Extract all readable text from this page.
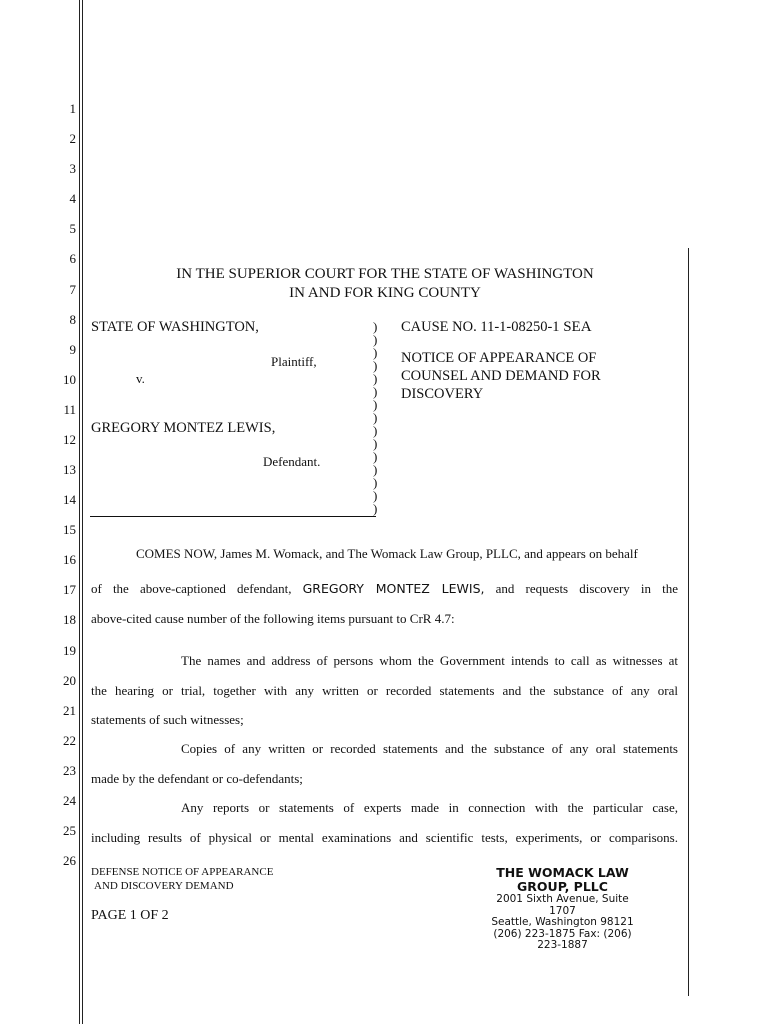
1
2
3
4
5
6
7
8
9
10
11
12
13
14
15
16
17
18
19
20
21
22
23
24
25
26
IN THE SUPERIOR COURT FOR THE STATE OF WASHINGTON
IN AND FOR KING COUNTY
STATE OF WASHINGTON,
Plaintiff,
v.
GREGORY MONTEZ LEWIS,
Defendant.
)
)
)
)
)
)
)
)
)
)
)
)
)
)
)
CAUSE NO. 11-1-08250-1 SEA
NOTICE OF APPEARANCE OF
COUNSEL AND DEMAND FOR
DISCOVERY
COMES NOW, James M. Womack, and The Womack Law Group, PLLC, and appears on behalf
of the above-captioned defendant, GREGORY MONTEZ LEWIS, and requests discovery in the
above-cited cause number of the following items pursuant to CrR 4.7:
The names and address of persons whom the Government intends to call as witnesses at
the hearing or trial, together with any written or recorded statements and the substance of any oral
statements of such witnesses;
Copies of any written or recorded statements and the substance of any oral statements
made by the defendant or co-defendants;
Any reports or statements of experts made in connection with the particular case,
including results of physical or mental examinations and scientific tests, experiments, or comparisons.
DEFENSE NOTICE OF APPEARANCE
AND DISCOVERY DEMAND
PAGE 1 OF 2
THE WOMACK LAW
GROUP, PLLC
2001 Sixth Avenue, Suite
1707
Seattle, Washington 98121
(206) 223-1875 Fax: (206)
223-1887
